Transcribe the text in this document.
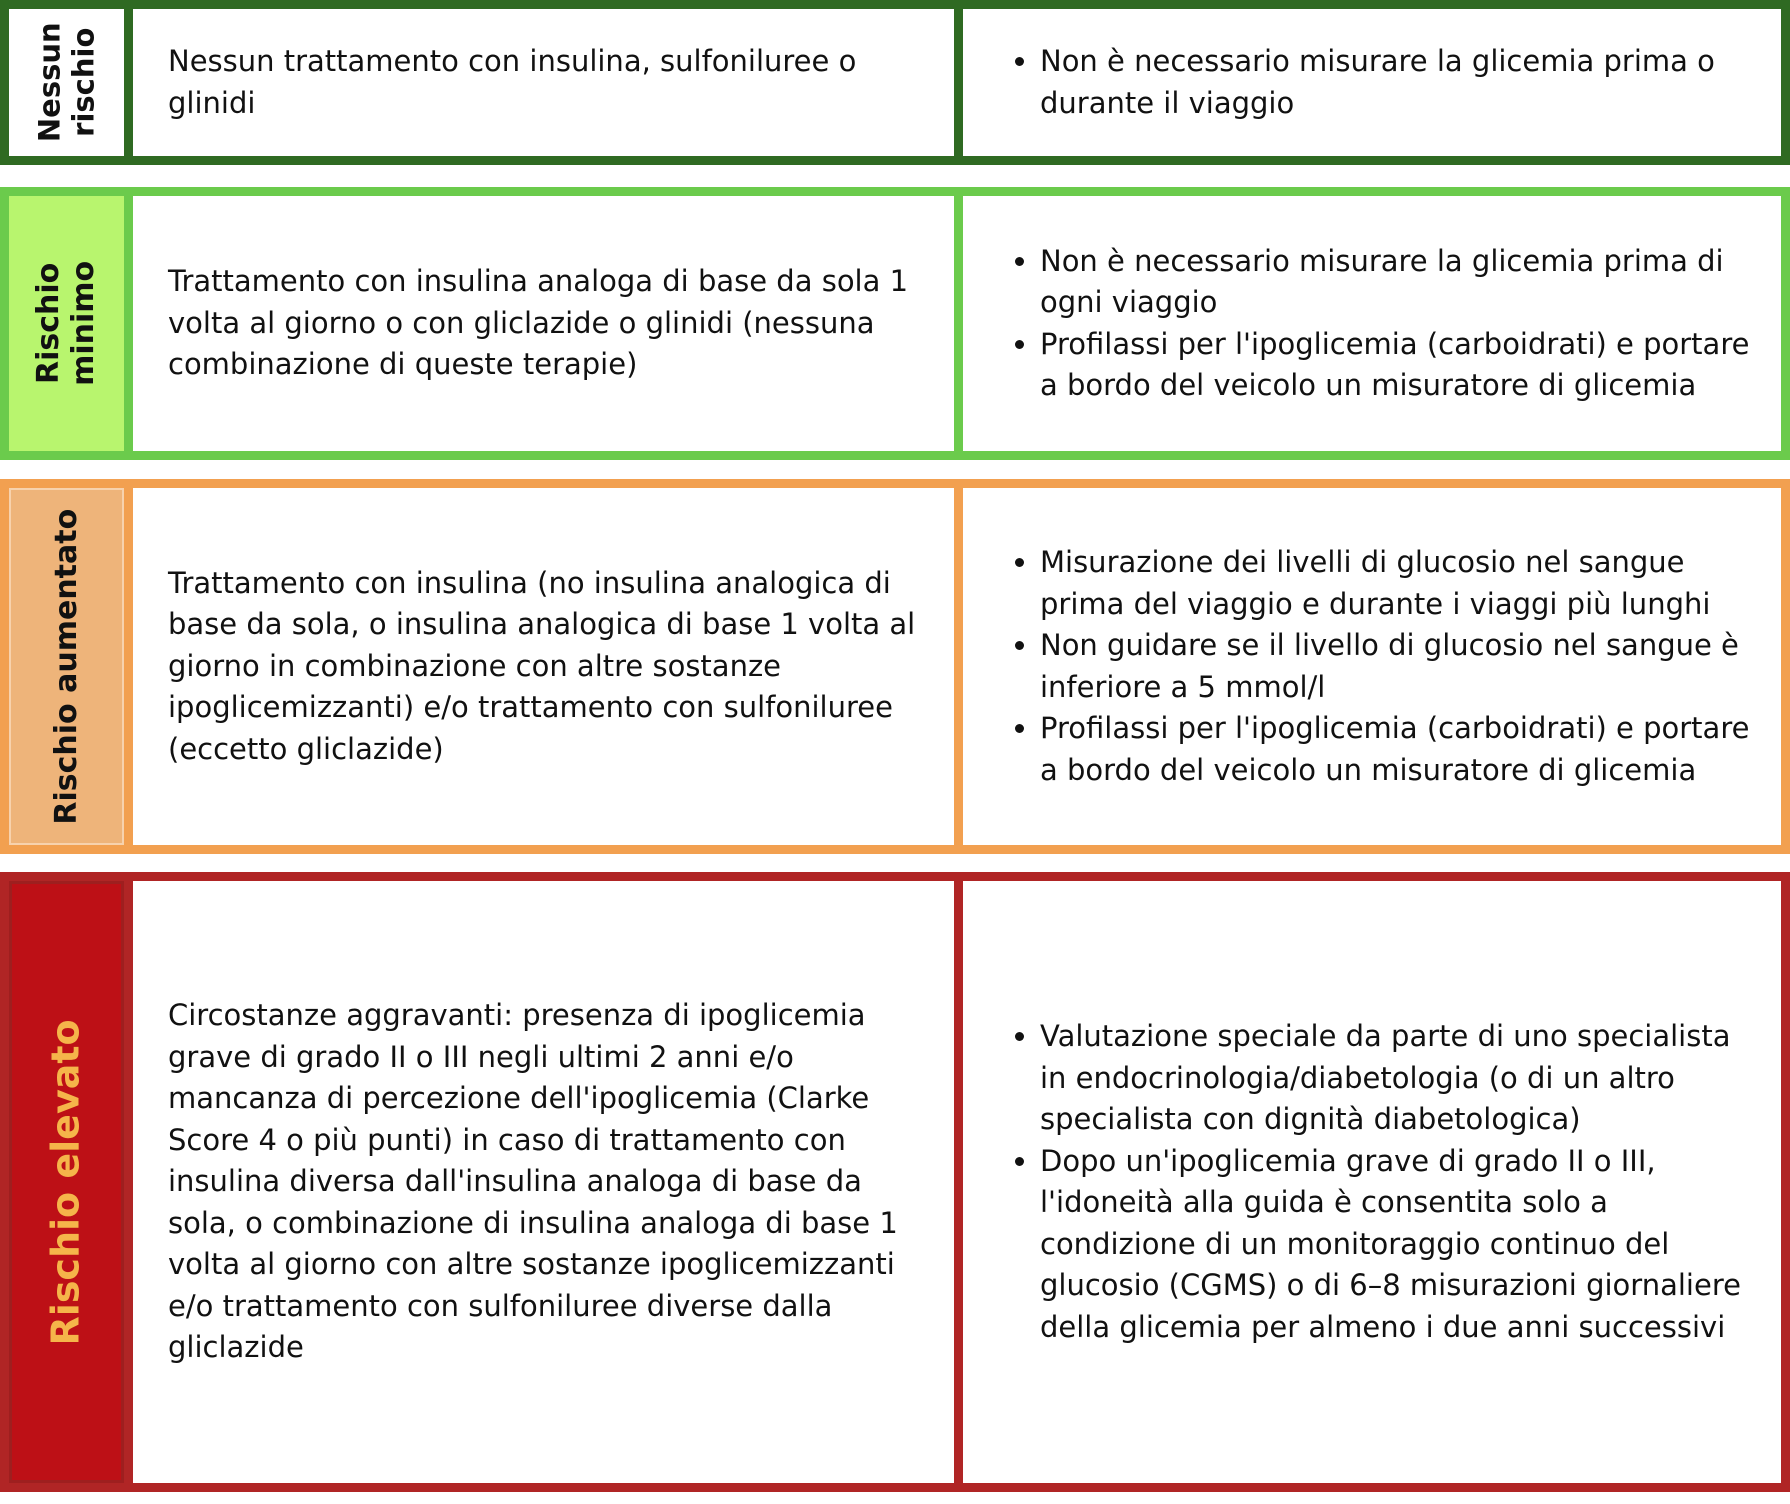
Nessun
rischio Nessun trattamento con insulina, sulfoniluree o glinidi
• Non è necessario misurare la glicemia prima o durante il viaggio
Rischio
minimo Trattamento con insulina analoga di base da sola 1 volta al giorno o con gliclazide o glinidi (nessuna combinazione di queste terapie)
• Non è necessario misurare la glicemia prima di ogni viaggio
• Profilassi per l'ipoglicemia (carboidrati) e portare a bordo del veicolo un misuratore di glicemia
Rischio aumentato	Trattamento con insulina (no insulina analogica di base da sola, o insulina analogica di base 1 volta al giorno in combinazione con altre sostanze ipoglicemizzanti) e/o trattamento con sulfoniluree (eccetto gliclazide)
• Misurazione dei livelli di glucosio nel sangue prima del viaggio e durante i viaggi più lunghi
• Non guidare se il livello di glucosio nel sangue è inferiore a 5 mmol/l
• Profilassi per l'ipoglicemia (carboidrati) e portare a bordo del veicolo un misuratore di glicemia
Rischio elevato
Circostanze aggravanti: presenza di ipoglicemia grave di grado II o III negli ultimi 2 anni e/o mancanza di percezione dell'ipoglicemia (Clarke Score 4 o più punti) in caso di trattamento con insulina diversa dall'insulina analoga di base da sola, o combinazione di insulina analoga di base 1 volta al giorno con altre sostanze ipoglicemizzanti e/o trattamento con sulfoniluree diverse dalla gliclazide
• Valutazione speciale da parte di uno specialista in endocrinologia/diabetologia (o di un altro specialista con dignità diabetologica)
• Dopo un'ipoglicemia grave di grado II o III, l'idoneità alla guida è consentita solo a condizione di un monitoraggio continuo del glucosio (CGMS) o di 6–8 misurazioni giornaliere della glicemia per almeno i due anni successivi
